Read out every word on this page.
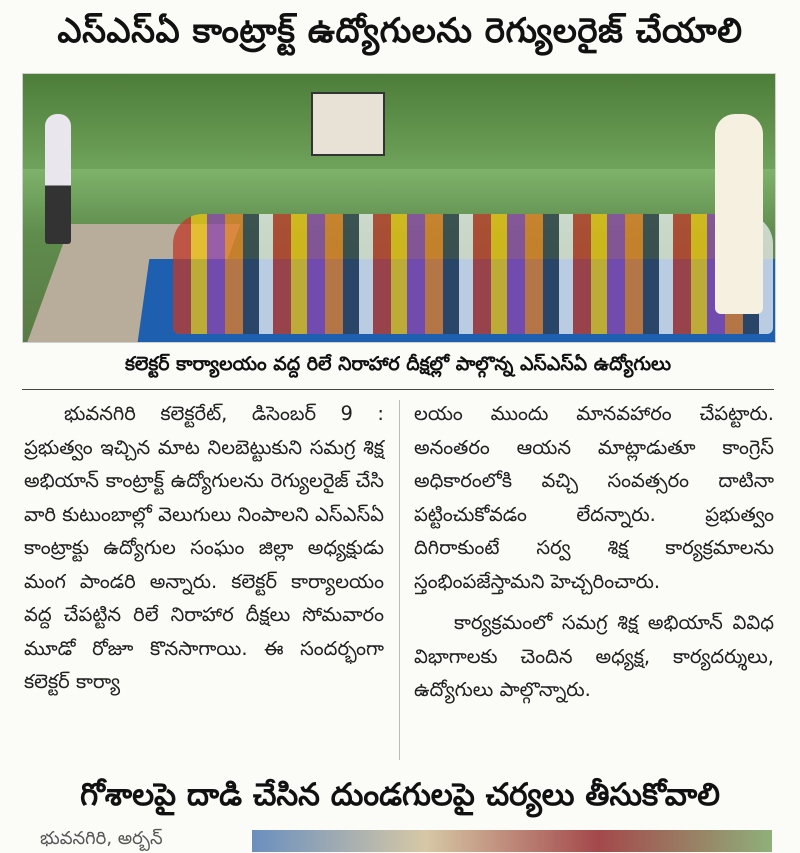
ఎస్ఎస్ఏ కాంట్రాక్ట్ ఉద్యోగులను రెగ్యులరైజ్ చేయాలి
కలెక్టర్ కార్యాలయం వద్ద రిలే నిరాహార దీక్షల్లో పాల్గొన్న ఎస్ఎస్ఏ ఉద్యోగులు

భువనగిరి కలెక్టరేట్, డిసెంబర్ 9 : ప్రభుత్వం ఇచ్చిన మాట నిలబెట్టుకుని సమగ్ర శిక్ష అభియాన్ కాంట్రాక్ట్ ఉద్యోగులను రెగ్యులరైజ్ చేసి వారి కుటుంబాల్లో వెలుగులు నింపాలని ఎస్ఎస్ఏ కాంట్రాక్టు ఉద్యోగుల సంఘం జిల్లా అధ్యక్షుడు మంగ పాండరి అన్నారు. కలెక్టర్ కార్యాలయం వద్ద చేపట్టిన రిలే నిరాహార దీక్షలు సోమవారం మూడో రోజూ కొనసాగాయి. ఈ సందర్భంగా కలెక్టర్ కార్యా

లయం ముందు మానవహారం చేపట్టారు. అనంతరం ఆయన మాట్లాడుతూ కాంగ్రెస్ అధికారంలోకి వచ్చి సంవత్సరం దాటినా పట్టించుకోవడం లేదన్నారు. ప్రభుత్వం దిగిరాకుంటే సర్వ శిక్ష కార్యక్రమాలను స్తంభింపజేస్తామని హెచ్చరించారు.

కార్యక్రమంలో సమగ్ర శిక్ష అభియాన్ వివిధ విభాగాలకు చెందిన అధ్యక్ష, కార్యదర్శులు, ఉద్యోగులు పాల్గొన్నారు.

గోశాలపై దాడి చేసిన దుండగులపై చర్యలు తీసుకోవాలి
భువనగిరి, అర్బన్
